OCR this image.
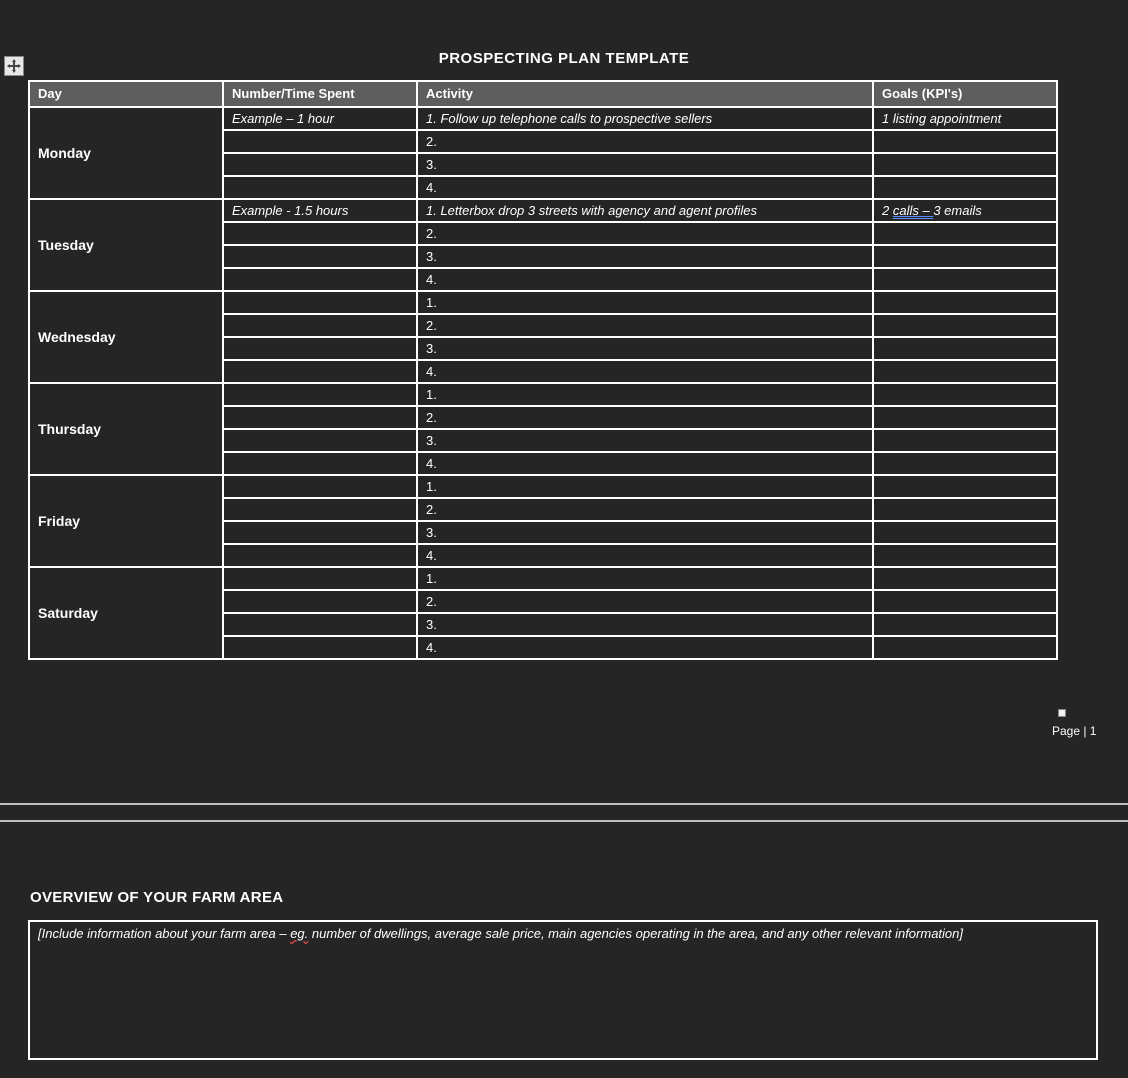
PROSPECTING PLAN TEMPLATE
Day	Number/Time Spent	Activity	Goals (KPI's)
Monday	Example – 1 hour	1. Follow up telephone calls to prospective sellers	1 listing appointment
		2.	
		3.	
		4.	
Tuesday	Example - 1.5 hours	1. Letterbox drop 3 streets with agency and agent profiles	2 calls – 3 emails
		2.	
		3.	
		4.	
Wednesday		1.	
		2.	
		3.	
		4.	
Thursday		1.	
		2.	
		3.	
		4.	
Friday		1.	
		2.	
		3.	
		4.	
Saturday		1.	
		2.	
		3.	
		4.	
Page | 1
OVERVIEW OF YOUR FARM AREA
[Include information about your farm area – eg. number of dwellings, average sale price, main agencies operating in the area, and any other relevant information]
